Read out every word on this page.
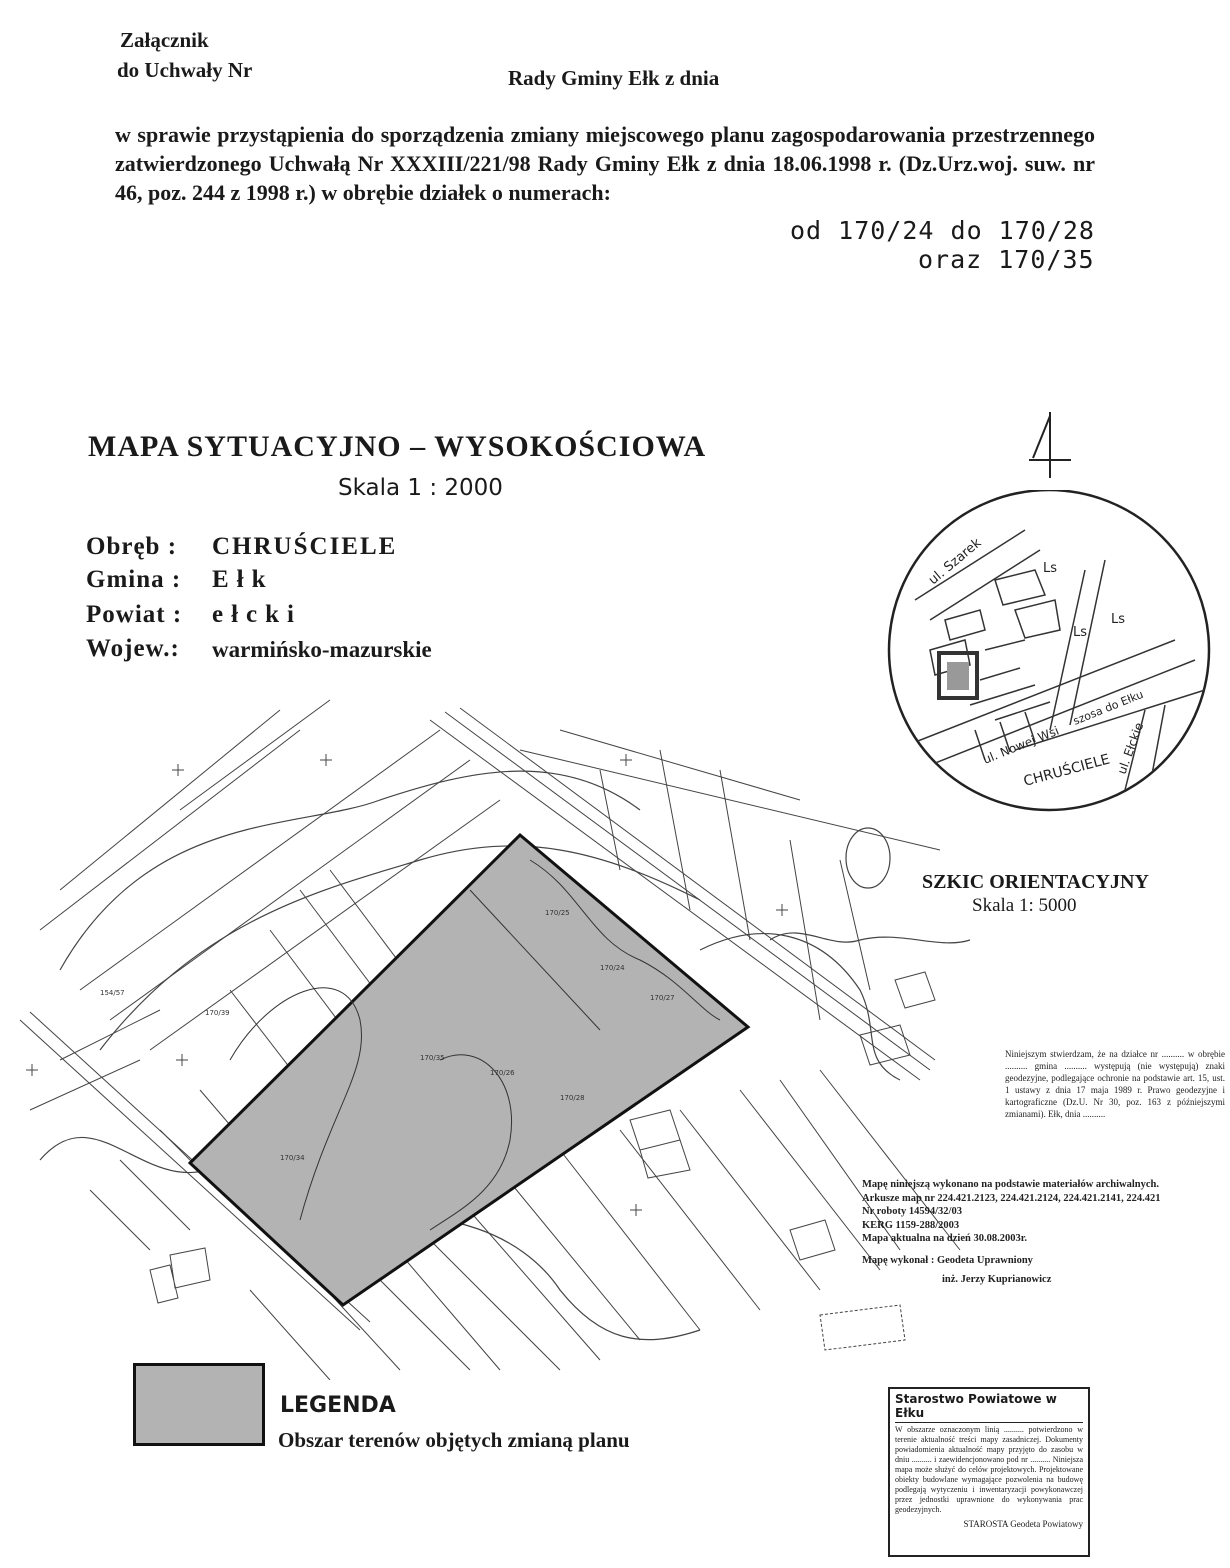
Załącznik
do Uchwały Nr	Rady Gminy Ełk z dnia
w sprawie przystąpienia do sporządzenia zmiany miejscowego planu zagospodarowania przestrzennego zatwierdzonego Uchwałą Nr XXXIII/221/98 Rady Gminy Ełk z dnia 18.06.1998 r. (Dz.Urz.woj. suw. nr 46, poz. 244 z 1998 r.) w obrębie działek o numerach:
od 170/24 do 170/28
oraz 170/35
MAPA SYTUACYJNO – WYSOKOŚCIOWA
Skala 1 : 2000
Obręb : CHRUŚCIELE
Gmina : Ełk
Powiat : ełcki
Wojew.: warmińsko-mazurskie
ul. Szarek	Ls
Ls
Ls
szosa do Ełku
ul. Nowej Wsi
CHRUŚCIELE ul. Ełckie
SZKIC ORIENTACYJNY
Skala 1: 5000
170/26
170/35
170/25
170/24
170/27
170/34
170/28
170/39
154/57
Niniejszym stwierdzam, że na działce nr .......... w obrębie .......... gmina .......... występują (nie występują) znaki geodezyjne, podlegające ochronie na podstawie art. 15, ust. 1 ustawy z dnia 17 maja 1989 r. Prawo geodezyjne i kartograficzne (Dz.U. Nr 30, poz. 163 z późniejszymi zmianami). Ełk, dnia ..........
Mapę niniejszą wykonano na podstawie materiałów archiwalnych.
Arkusze map nr 224.421.2123, 224.421.2124, 224.421.2141, 224.421
Nr roboty 14594/32/03
KERG 1159-288/2003
Mapa aktualna na dzień 30.08.2003r.
Mapę wykonał : Geodeta Uprawniony
inż. Jerzy Kuprianowicz
LEGENDA
Obszar terenów objętych zmianą planu
Starostwo Powiatowe w Ełku
W obszarze oznaczonym linią .......... potwierdzono w terenie aktualność treści mapy zasadniczej. Dokumenty powiadomienia aktualność mapy przyjęto do zasobu w dniu .......... i zaewidencjonowano pod nr .......... Niniejsza mapa może służyć do celów projektowych. Projektowane obiekty budowlane wymagające pozwolenia na budowę podlegają wytyczeniu i inwentaryzacji powykonawczej przez jednostki uprawnione do wykonywania prac geodezyjnych.
STAROSTA Geodeta Powiatowy
